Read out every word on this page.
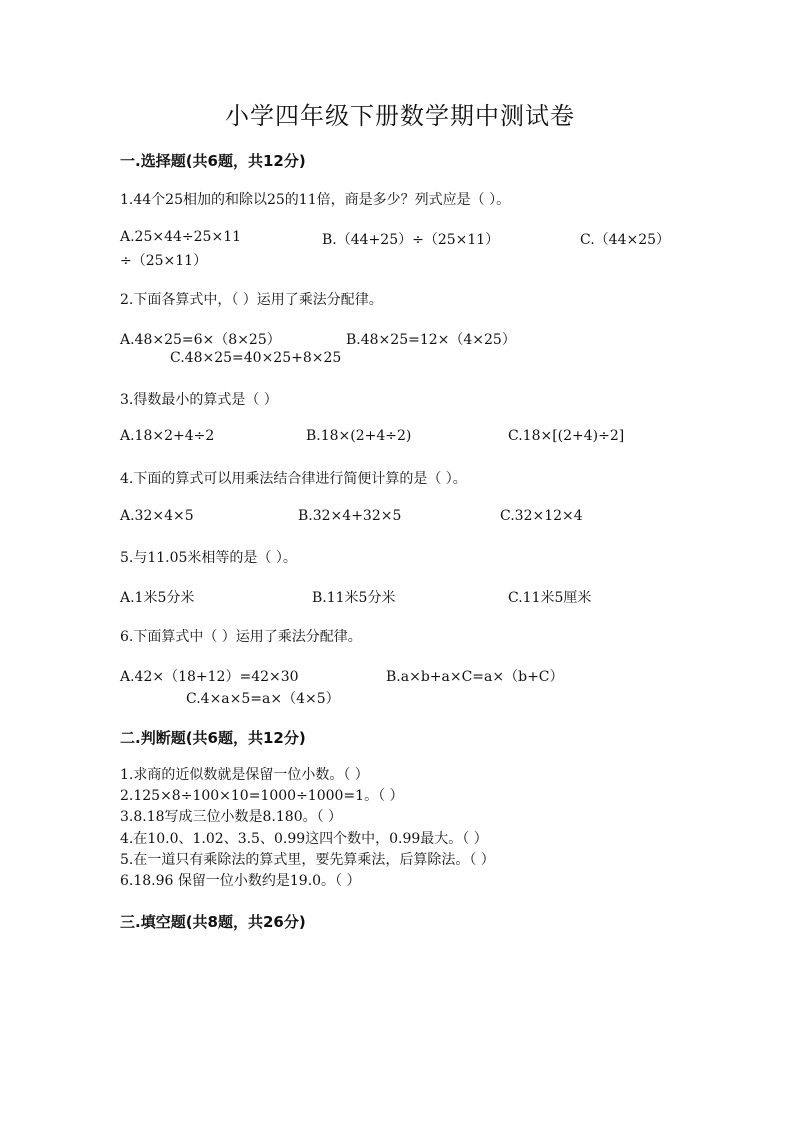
小学四年级下册数学期中测试卷
一.选择题(共6题，共12分)
1.44个25相加的和除以25的11倍，商是多少？列式应是（ ）。
A.25×44÷25×11	B.（44+25）÷（25×11）	C.（44×25）
÷（25×11）
2.下面各算式中，（ ）运用了乘法分配律。
A.48×25=6×（8×25）	B.48×25=12×（4×25）
C.48×25=40×25+8×25
3.得数最小的算式是（ ）
A.18×2+4÷2	B.18×(2+4÷2)	C.18×[(2+4)÷2]
4.下面的算式可以用乘法结合律进行简便计算的是（ ）。
A.32×4×5	B.32×4+32×5	C.32×12×4
5.与11.05米相等的是（ ）。
A.1米5分米	B.11米5分米	C.11米5厘米
6.下面算式中（ ）运用了乘法分配律。
A.42×（18+12）=42×30	B.a×b+a×C=a×（b+C）
C.4×a×5=a×（4×5）
二.判断题(共6题，共12分)
1.求商的近似数就是保留一位小数。（ ）
2.125×8÷100×10=1000÷1000=1。（ ）
3.8.18写成三位小数是8.180。（ ）
4.在10.0、1.02、3.5、0.99这四个数中，0.99最大。（ ）
5.在一道只有乘除法的算式里，要先算乘法，后算除法。（ ）
6.18.96 保留一位小数约是19.0。（ ）
三.填空题(共8题，共26分)
